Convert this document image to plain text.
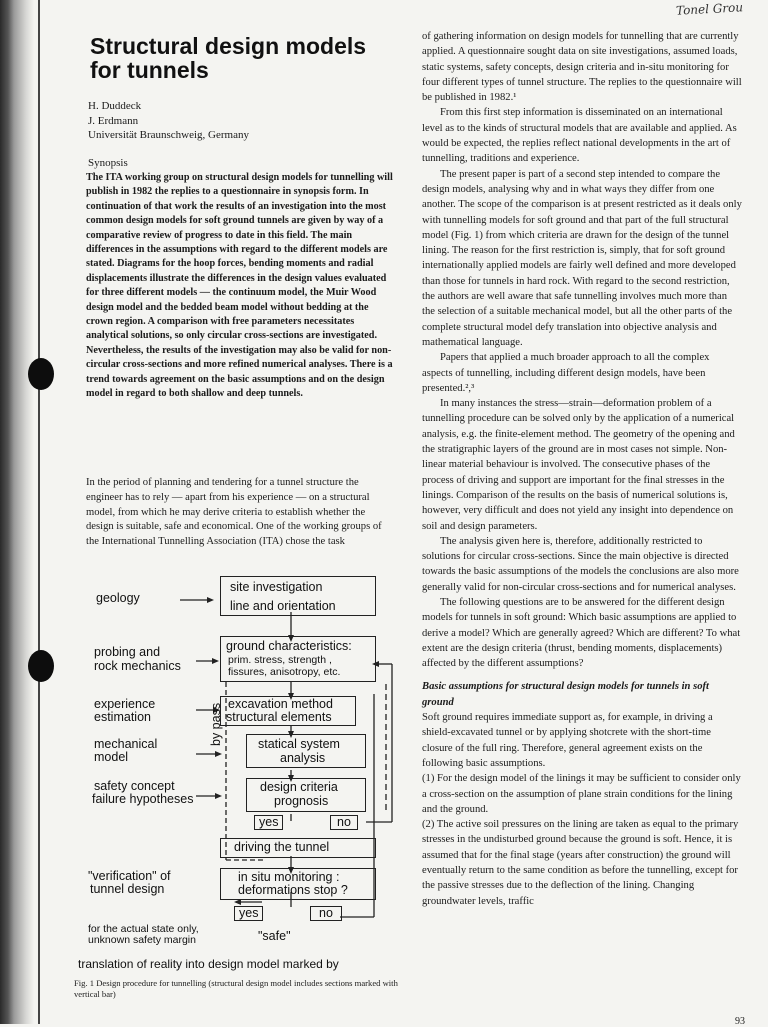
Tonel Grou
Structural design models for tunnels
H. Duddeck
J. Erdmann
Universität Braunschweig, Germany
Synopsis

The ITA working group on structural design models for tunnelling will publish in 1982 the replies to a questionnaire in synopsis form. In continuation of that work the results of an investigation into the most common design models for soft ground tunnels are given by way of a comparative review of progress to date in this field. The main differences in the assumptions with regard to the different models are stated. Diagrams for the hoop forces, bending moments and radial displacements illustrate the differences in the design values evaluated for three different models — the continuum model, the Muir Wood design model and the bedded beam model without bedding at the crown region. A comparison with free parameters necessitates analytical solutions, so only circular cross-sections are investigated. Nevertheless, the results of the investigation may also be valid for non-circular cross-sections and more refined numerical analyses. There is a trend towards agreement on the basic assumptions and on the design model in regard to both shallow and deep tunnels.

In the period of planning and tendering for a tunnel structure the engineer has to rely — apart from his experience — on a structural model, from which he may derive criteria to establish whether the design is suitable, safe and economical. One of the working groups of the International Tunnelling Association (ITA) chose the task

of gathering information on design models for tunnelling that are currently applied. A questionnaire sought data on site investigations, assumed loads, static systems, safety concepts, design criteria and in-situ monitoring for four different types of tunnel structure. The replies to the questionnaire will be published in 1982.¹

From this first step information is disseminated on an international level as to the kinds of structural models that are available and applied. As would be expected, the replies reflect national developments in the art of tunnelling, traditions and experience.

The present paper is part of a second step intended to compare the design models, analysing why and in what ways they differ from one another. The scope of the comparison is at present restricted as it deals only with tunnelling models for soft ground and that part of the full structural model (Fig. 1) from which criteria are drawn for the design of the tunnel lining. The reason for the first restriction is, simply, that for soft ground internationally applied models are fairly well defined and more developed than those for tunnels in hard rock. With regard to the second restriction, the authors are well aware that safe tunnelling involves much more than the selection of a suitable mechanical model, but all the other parts of the complete structural model defy translation into objective analysis and mathematical language.

Papers that applied a much broader approach to all the complex aspects of tunnelling, including different design models, have been presented.²,³

In many instances the stress—strain—deformation problem of a tunnelling procedure can be solved only by the application of a numerical analysis, e.g. the finite-element method. The geometry of the opening and the stratigraphic layers of the ground are in most cases not simple. Non-linear material behaviour is involved. The consecutive phases of the process of driving and support are important for the final stresses in the linings. Comparison of the results on the basis of numerical solutions is, however, very difficult and does not yield any insight into dependence on soil and design parameters.

The analysis given here is, therefore, additionally restricted to solutions for circular cross-sections. Since the main objective is directed towards the basic assumptions of the models the conclusions are also more generally valid for non-circular cross-sections and for numerical analyses.

The following questions are to be answered for the different design models for tunnels in soft ground: Which basic assumptions are applied to derive a model? Which are generally agreed? Which are different? To what extent are the design criteria (thrust, bending moments, displacements) affected by the different assumptions?

Basic assumptions for structural design models for tunnels in soft ground

Soft ground requires immediate support as, for example, in driving a shield-excavated tunnel or by applying shotcrete with the short-time closure of the full ring. Therefore, general agreement exists on the following basic assumptions.

(1) For the design model of the linings it may be sufficient to consider only a cross-section on the assumption of plane strain conditions for the lining and the ground.

(2) The active soil pressures on the lining are taken as equal to the primary stresses in the undisturbed ground because the ground is soft. Hence, it is assumed that for the final stage (years after construction) the ground will eventually return to the same condition as before the tunnelling, except for the passive stresses due to the deflection of the lining. Changing groundwater levels, traffic

geology
site investigation
line and orientation
probing and
rock mechanics
ground characteristics:
prim. stress, strength ,
fissures, anisotropy, etc.
experience
estimation
excavation method
structural elements
mechanical
model
statical system
analysis
by pass
safety concept
failure hypotheses
design criteria
prognosis
yes	no
driving the tunnel
"verification" of
tunnel design
in situ monitoring :
deformations stop ?
yes	no
for the actual state only,
unknown safety margin	"safe"
translation of reality into design model marked by
Fig. 1 Design procedure for tunnelling (structural design model includes sections marked with vertical bar)
93
